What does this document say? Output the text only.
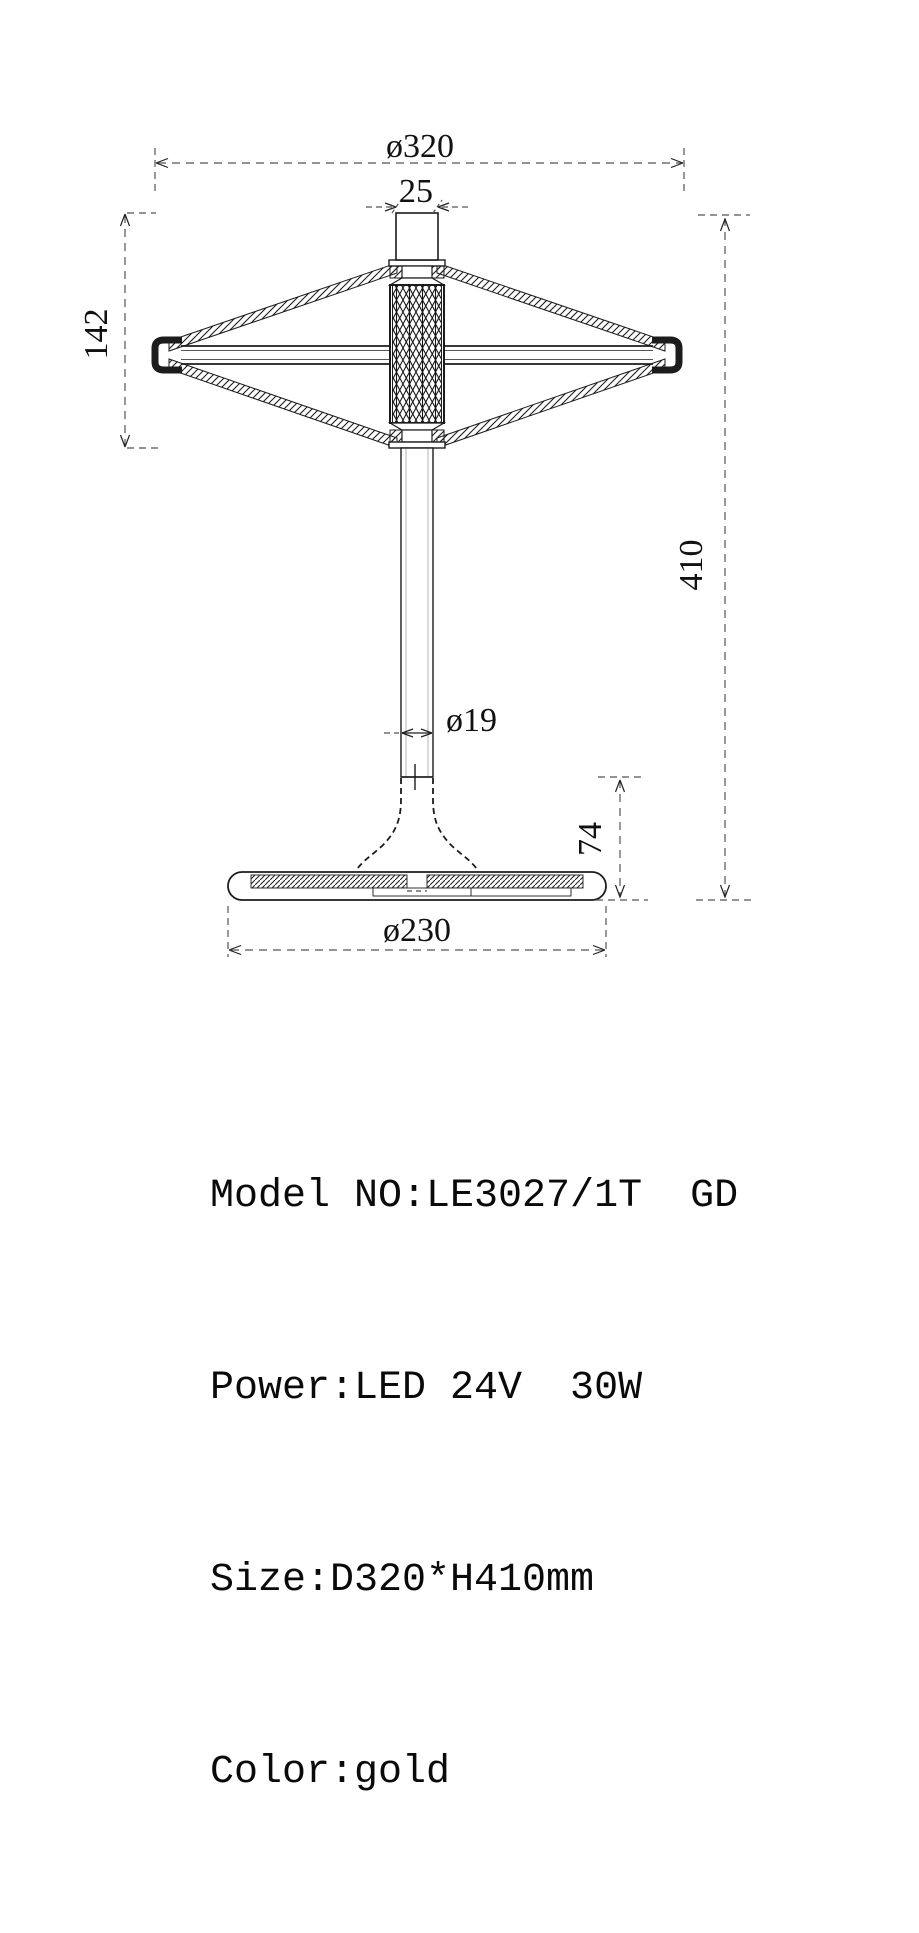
ø320
25
142
410
ø19
74
ø230

Model NO:LE3027/1T  GD

Power:LED 24V  30W

Size:D320*H410mm

Color:gold
